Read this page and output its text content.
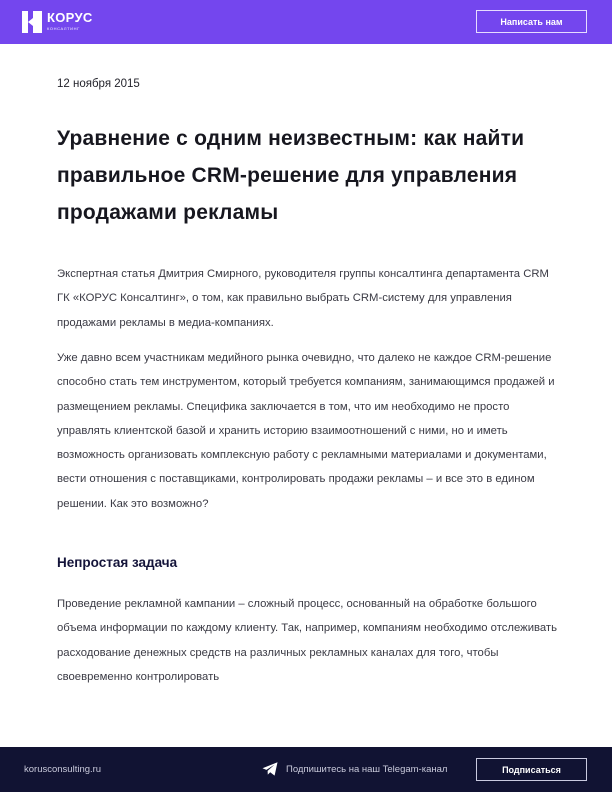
КОРУС
КОНСАЛТИНГ
Написать нам
12 ноября 2015
Уравнение с одним неизвестным: как найти правильное CRM-решение для управления продажами рекламы

Экспертная статья Дмитрия Смирного, руководителя группы консалтинга департамента CRM ГК «КОРУС Консалтинг», о том, как правильно выбрать CRM-систему для управления продажами рекламы в медиа-компаниях.

Уже давно всем участникам медийного рынка очевидно, что далеко не каждое CRM-решение способно стать тем инструментом, который требуется компаниям, занимающимся продажей и размещением рекламы. Специфика заключается в том, что им необходимо не просто управлять клиентской базой и хранить историю взаимоотношений с ними, но и иметь возможность организовать комплексную работу с рекламными материалами и документами, вести отношения с поставщиками, контролировать продажи рекламы – и все это в едином решении. Как это возможно?

Непростая задача

Проведение рекламной кампании – сложный процесс, основанный на обработке большого объема информации по каждому клиенту. Так, например, компаниям необходимо отслеживать расходование денежных средств на различных рекламных каналах для того, чтобы своевременно контролировать

korusconsulting.ru	Подпишитесь на наш Telegam-канал	Подписаться
